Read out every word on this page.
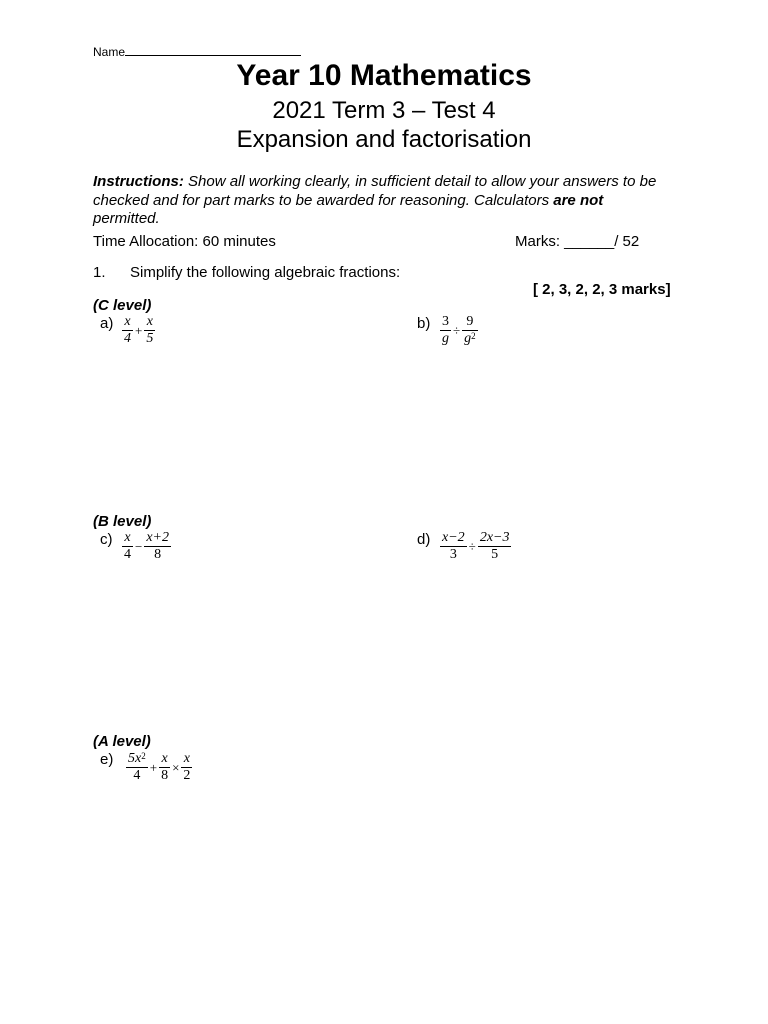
Name
Year 10 Mathematics
2021 Term 3 – Test 4
Expansion and factorisation
Instructions: Show all working clearly, in sufficient detail to allow your answers to be checked and for part marks to be awarded for reasoning. Calculators are not permitted.
Time Allocation: 60 minutes	Marks: ______/ 52
1. Simplify the following algebraic fractions:
[ 2, 3, 2, 2, 3 marks]
(C level)
$a) \frac{x}{4} + \frac{x}{5}$	$b) \frac{3}{g} \div \frac{9}{g^2}$
(B level)
$c) \frac{x}{4} - \frac{x+2}{8}$	$d) \frac{x-2}{3} \div \frac{2x-3}{5}$
(A level)
$e) \frac{5x^2}{4} + \frac{x}{8} \times \frac{x}{2}$
